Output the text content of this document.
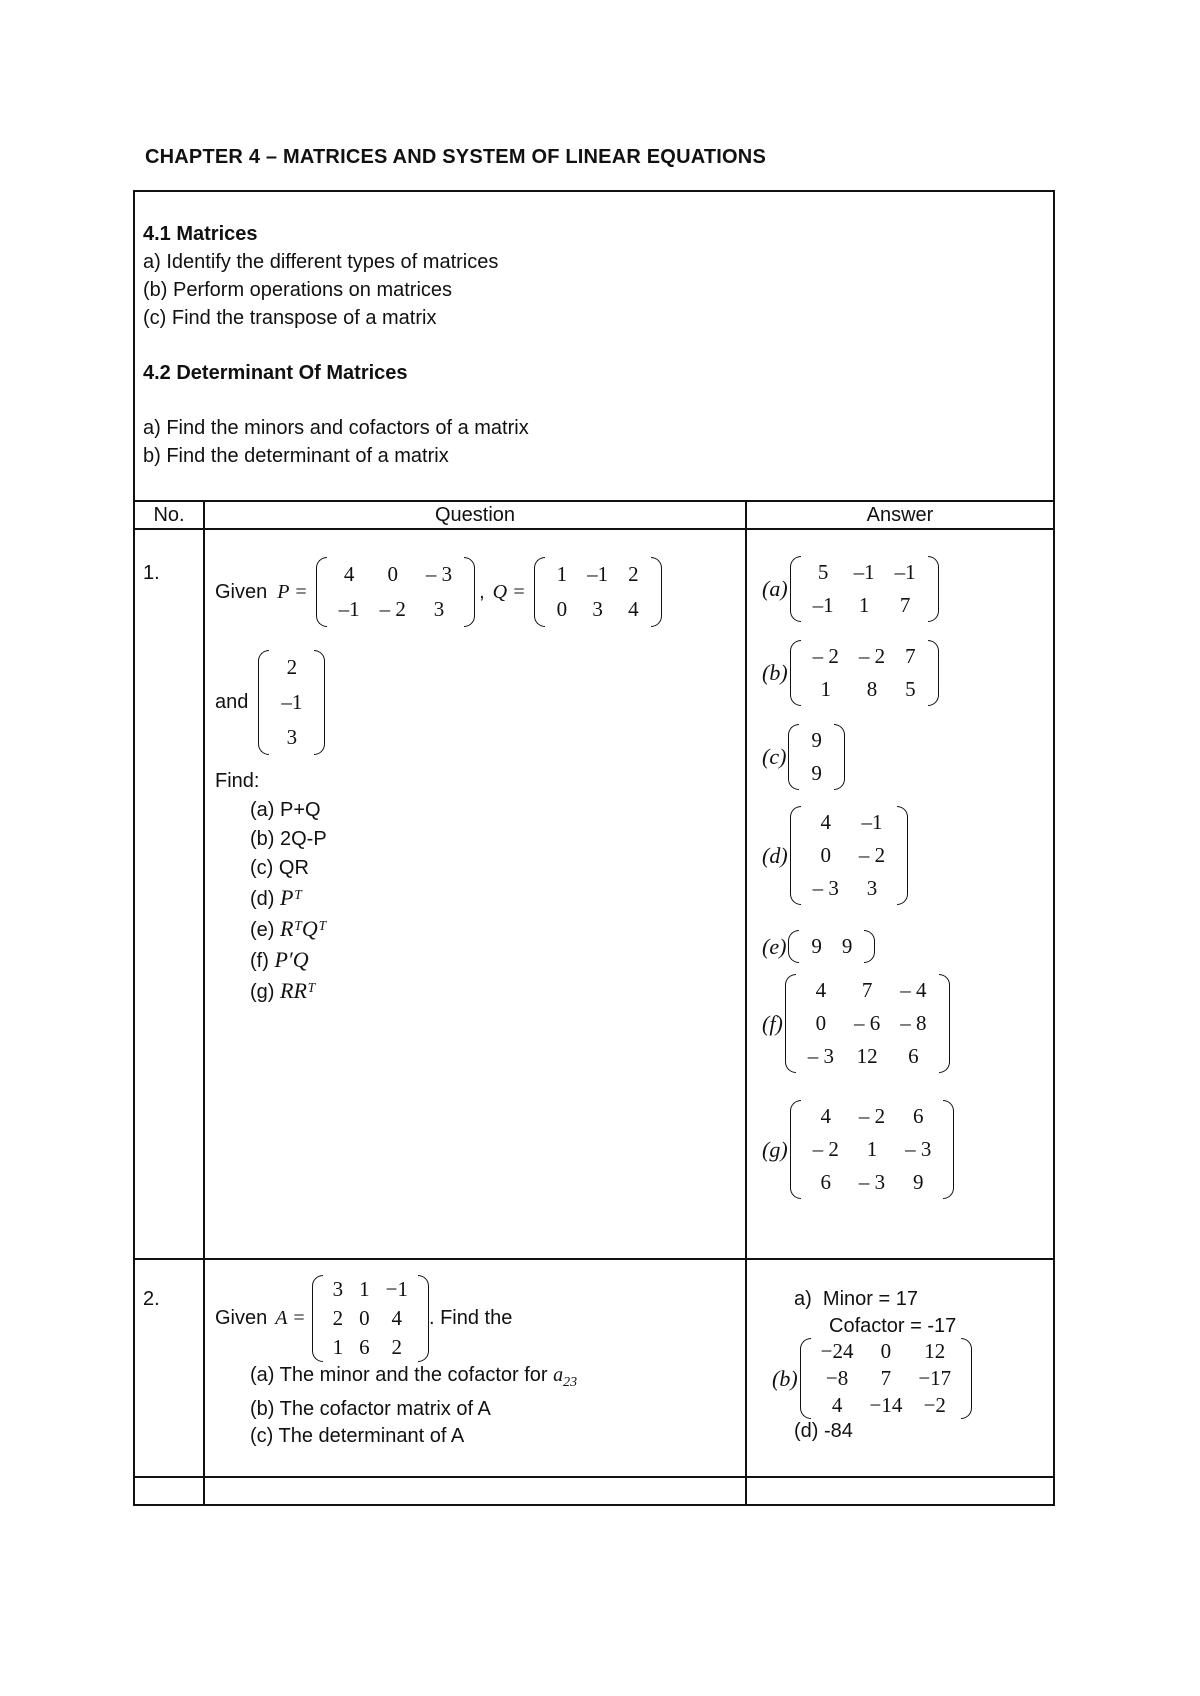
CHAPTER 4 – MATRICES AND SYSTEM OF LINEAR EQUATIONS
4.1 Matrices
a) Identify the different types of matrices
(b) Perform operations on matrices
(c) Find the transpose of a matrix
4.2 Determinant Of Matrices
a) Find the minors and cofactors of a matrix
b) Find the determinant of a matrix
No.	Question	Answer
1.
Given P =
4	0	– 3
–1	– 2	3
, Q =
1	–1	2
0	3	4
and
2
–1
3
Find:
(a) P+Q
(b) 2Q-P
(c) QR
(d) Pᵀ
(e) RᵀQᵀ
(f) P′Q
(g) RRᵀ
(a)
5	–1	–1
–1	1	7
(b)
– 2	– 2	7
1	8	5
(c)
9
9
(d)
4	–1
0	– 2
– 3	3
(e) 9	9
(f)
4	7	– 4
0	– 6	– 8
– 3	12	6
(g)
4	– 2	6
– 2	1	– 3
6	– 3	9
2.
Given A =
3	1	−1
2	0	4
1	6	2
. Find the
(a) The minor and the cofactor for $a_{23}$
(b) The cofactor matrix of A
(c) The determinant of A
a) Minor = 17
Cofactor = -17
(b)
−24	0	12
−8	7	−17
4	−14	−2
(d) -84
